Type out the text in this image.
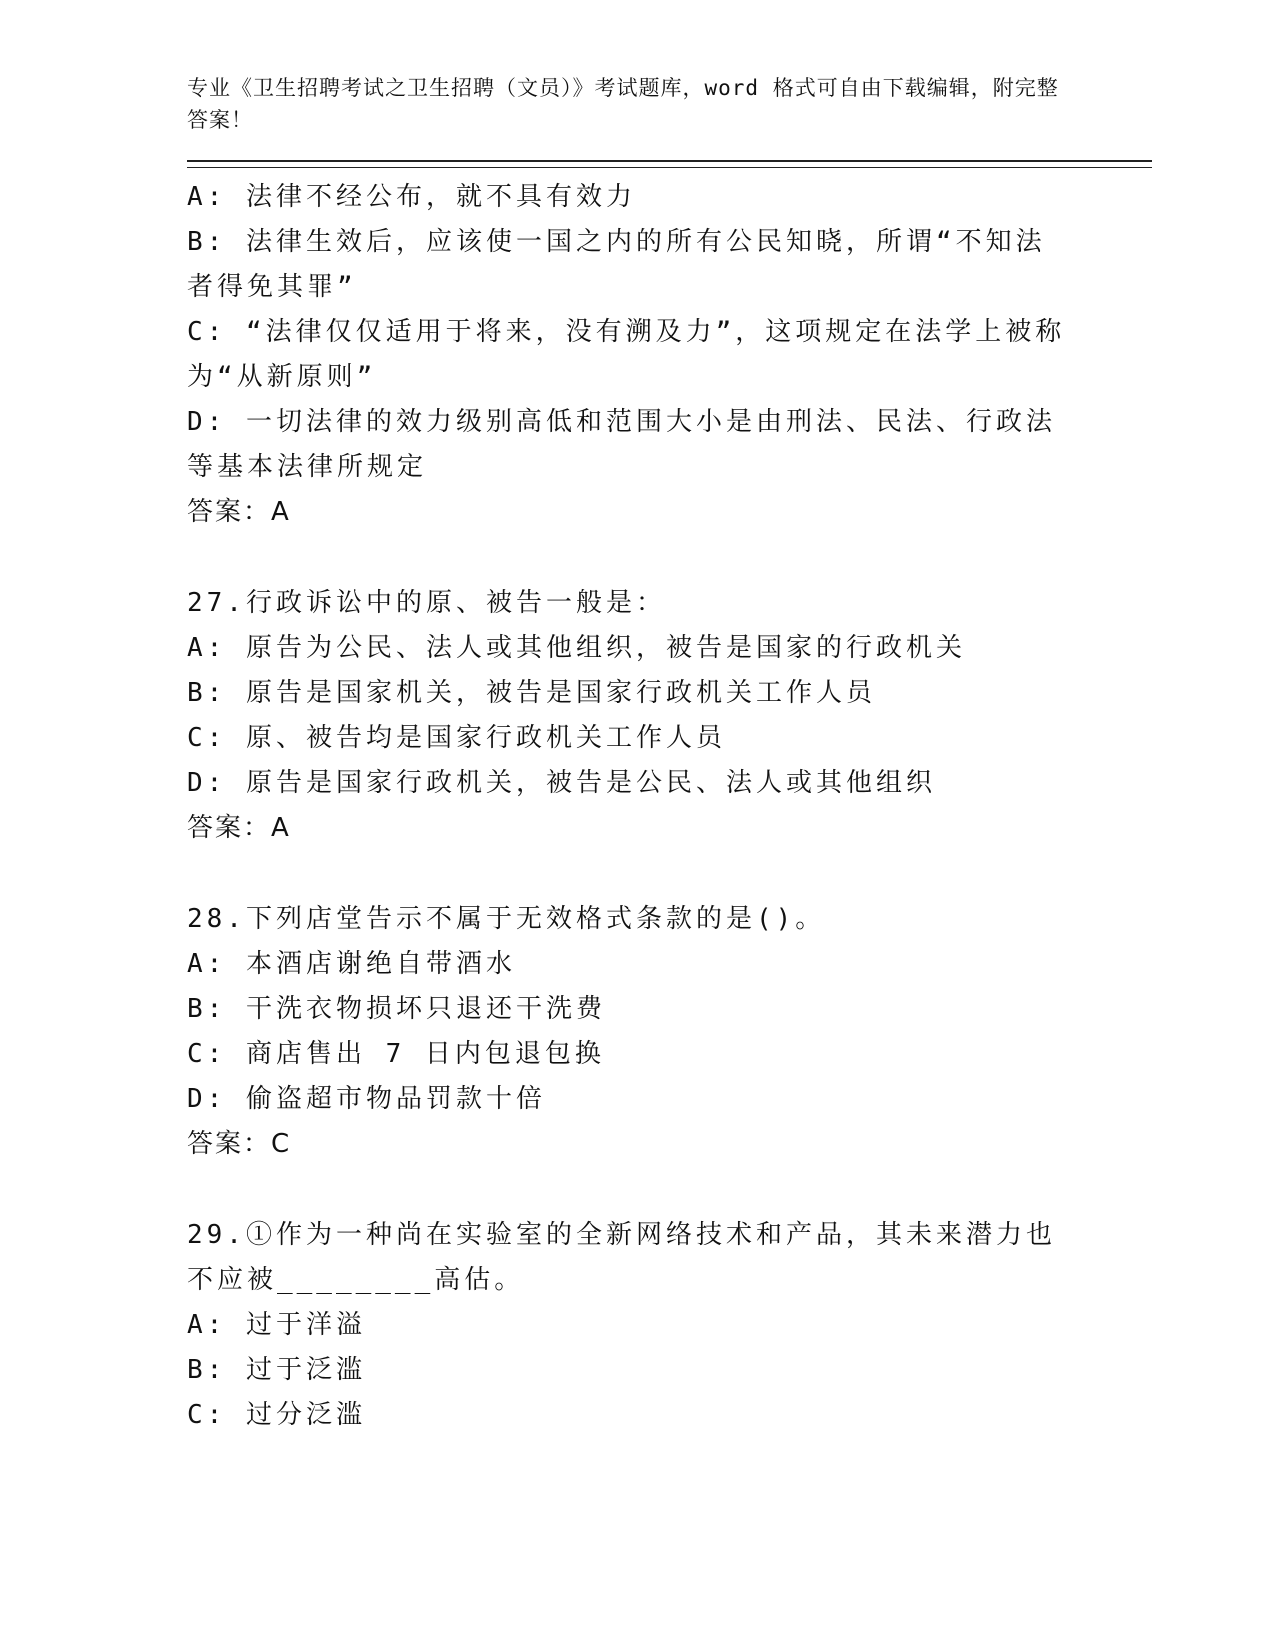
专业《卫生招聘考试之卫生招聘（文员）》考试题库，word 格式可自由下载编辑，附完整答案！

A: 法律不经公布，就不具有效力

B: 法律生效后，应该使一国之内的所有公民知晓，所谓“不知法者得免其罪”

C: “法律仅仅适用于将来，没有溯及力”，这项规定在法学上被称为“从新原则”

D: 一切法律的效力级别高低和范围大小是由刑法、民法、行政法等基本法律所规定

答案：A

27.行政诉讼中的原、被告一般是：

A: 原告为公民、法人或其他组织，被告是国家的行政机关

B: 原告是国家机关，被告是国家行政机关工作人员

C: 原、被告均是国家行政机关工作人员

D: 原告是国家行政机关，被告是公民、法人或其他组织

答案：A

28.下列店堂告示不属于无效格式条款的是()。

A: 本酒店谢绝自带酒水

B: 干洗衣物损坏只退还干洗费

C: 商店售出 7 日内包退包换

D: 偷盗超市物品罚款十倍

答案：C

29.①作为一种尚在实验室的全新网络技术和产品，其未来潜力也不应被________高估。

A: 过于洋溢

B: 过于泛滥

C: 过分泛滥
